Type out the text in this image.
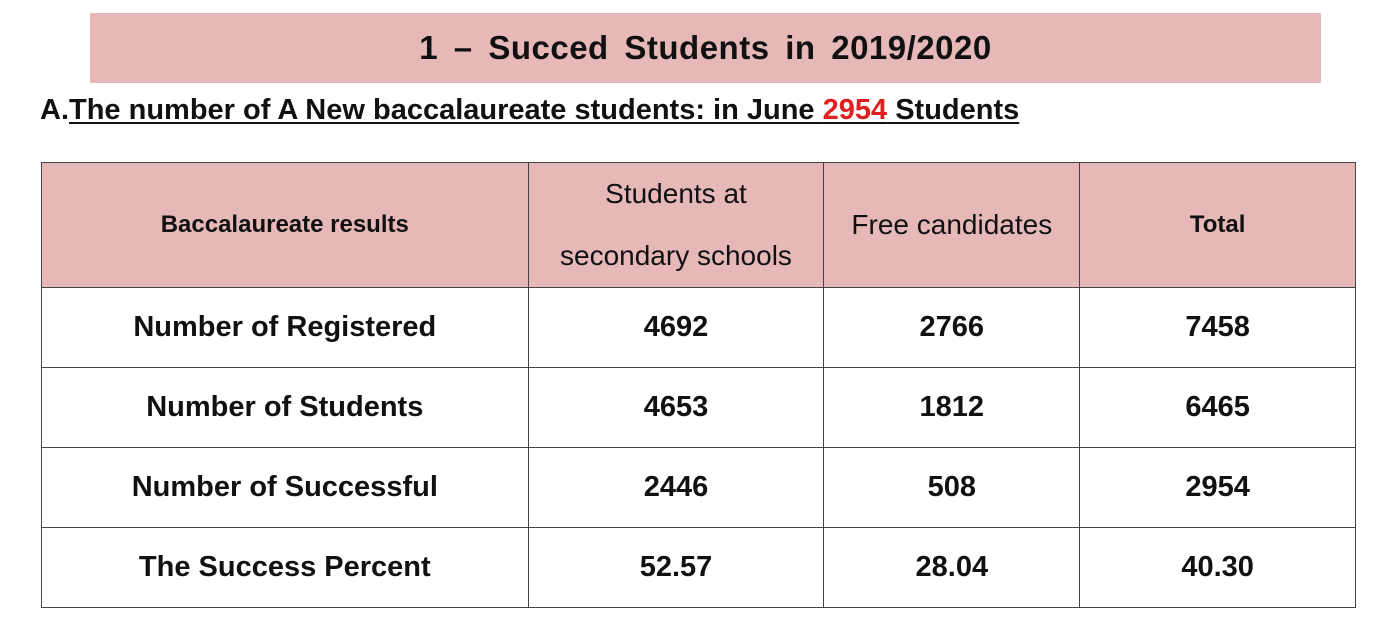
1 – Succed Students in 2019/2020
A.The number of A New baccalaureate students: in June 2954 Students
Baccalaureate results	Students at secondary schools	Free candidates	Total
Number of Registered	4692	2766	7458
Number of Students	4653	1812	6465
Number of Successful	2446	508	2954
The Success Percent	52.57	28.04	40.30
